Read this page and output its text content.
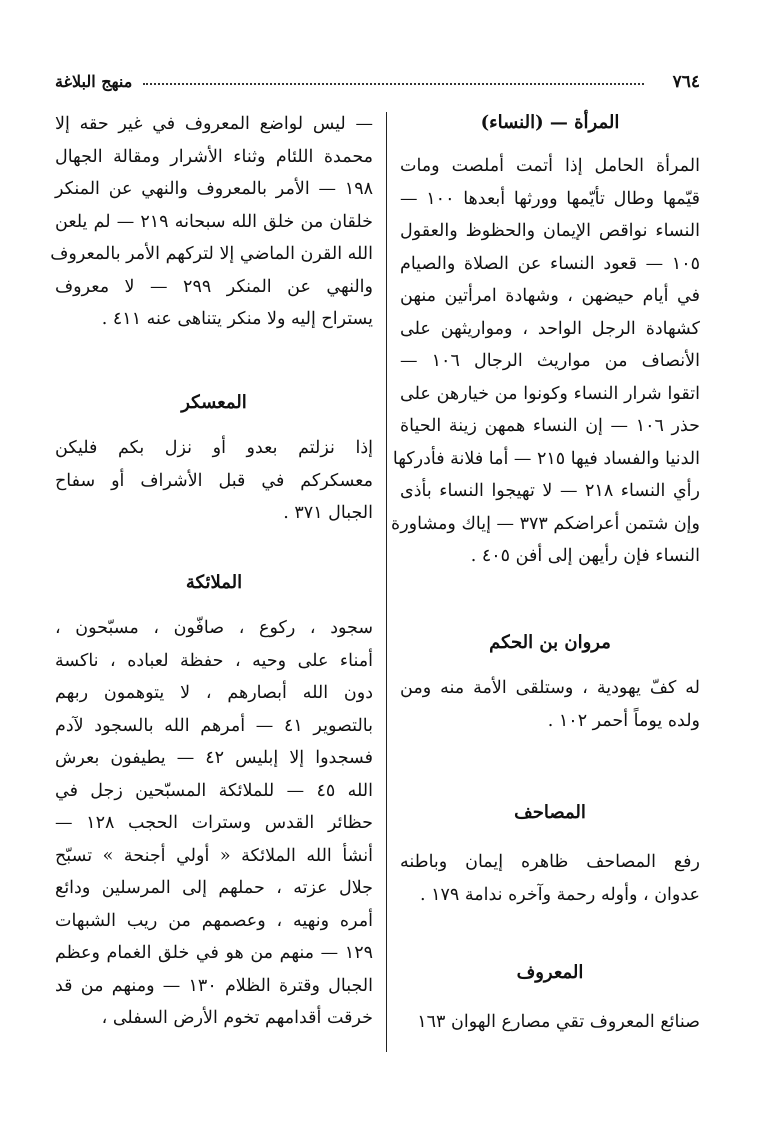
٧٦٤
منهج البلاغة
المرأة — (النساء)
المرأة الحامل إذا أتمت أملصت ومات
قيّمها وطال تأيّمها وورثها أبعدها ١٠٠ —
النساء نواقص الإيمان والحظوظ والعقول
١٠٥ — قعود النساء عن الصلاة والصيام
في أيام حيضهن ، وشهادة امرأتين منهن
كشهادة الرجل الواحد ، ومواريثهن على
الأنصاف من مواريث الرجال ١٠٦ —
اتقوا شرار النساء وكونوا من خيارهن على
حذر ١٠٦ — إن النساء همهن زينة الحياة
الدنيا والفساد فيها ٢١٥ — أما فلانة فأدركها
رأي النساء ٢١٨ — لا تهيجوا النساء بأذى
وإن شتمن أعراضكم ٣٧٣ — إياك ومشاورة
النساء فإن رأيهن إلى أفن ٤٠٥ .
مروان بن الحكم
له كفّ يهودية ، وستلقى الأمة منه ومن
ولده يوماً أحمر ١٠٢ .
المصاحف
رفع المصاحف ظاهره إيمان وباطنه
عدوان ، وأوله رحمة وآخره ندامة ١٧٩ .
المعروف
صنائع المعروف تقي مصارع الهوان ١٦٣
— ليس لواضع المعروف في غير حقه إلا
محمدة اللئام وثناء الأشرار ومقالة الجهال
١٩٨ — الأمر بالمعروف والنهي عن المنكر
خلقان من خلق الله سبحانه ٢١٩ — لم يلعن
الله القرن الماضي إلا لتركهم الأمر بالمعروف
والنهي عن المنكر ٢٩٩ — لا معروف
يستراح إليه ولا منكر يتناهى عنه ٤١١ .
المعسكر
إذا نزلتم بعدو أو نزل بكم فليكن
معسكركم في قبل الأشراف أو سفاح
الجبال ٣٧١ .
الملائكة
سجود ، ركوع ، صافّون ، مسبّحون ،
أمناء على وحيه ، حفظة لعباده ، ناكسة
دون الله أبصارهم ، لا يتوهمون ربهم
بالتصوير ٤١ — أمرهم الله بالسجود لآدم
فسجدوا إلا إبليس ٤٢ — يطيفون بعرش
الله ٤٥ — للملائكة المسبّحين زجل في
حظائر القدس وسترات الحجب ١٢٨ —
أنشأ الله الملائكة « أولي أجنحة » تسبّح
جلال عزته ، حملهم إلى المرسلين ودائع
أمره ونهيه ، وعصمهم من ريب الشبهات
١٢٩ — منهم من هو في خلق الغمام وعظم
الجبال وقترة الظلام ١٣٠ — ومنهم من قد
خرقت أقدامهم تخوم الأرض السفلى ،
